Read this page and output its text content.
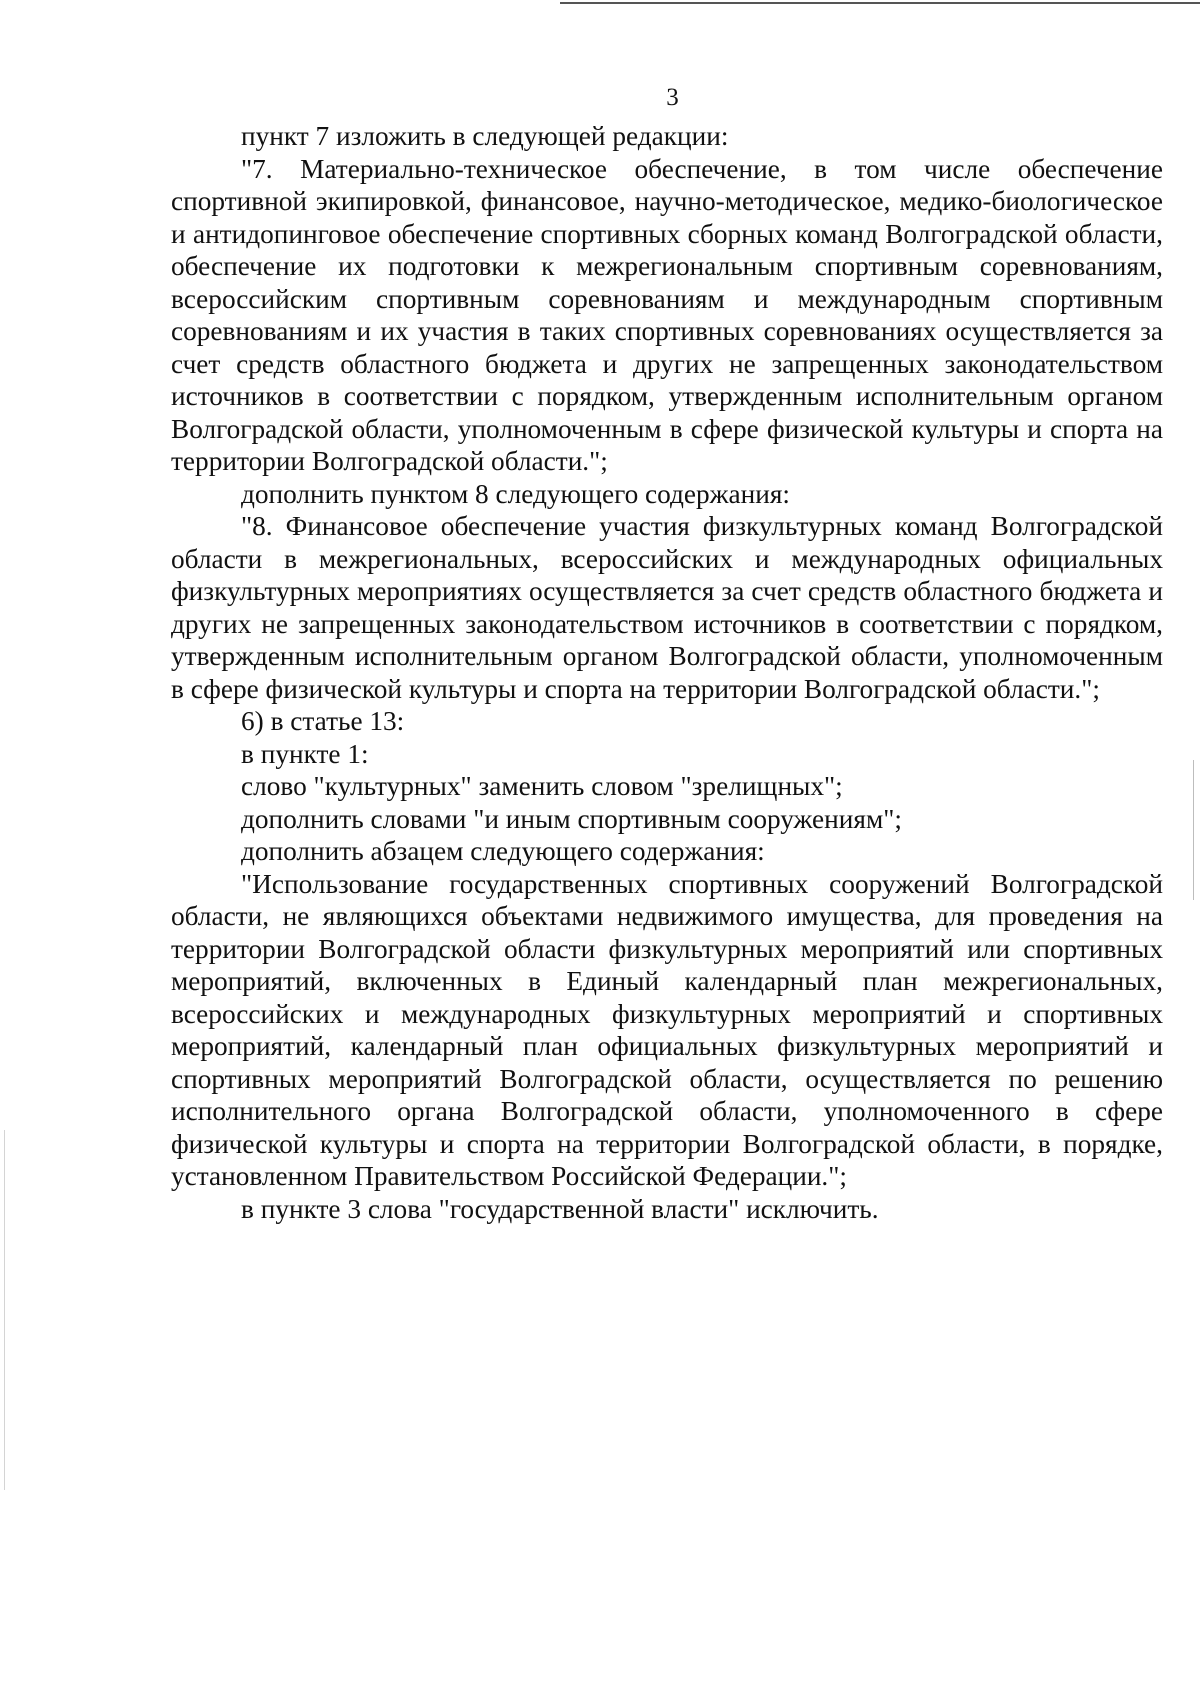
3

пункт 7 изложить в следующей редакции:

"7. Материально-техническое обеспечение, в том числе обеспечение спортивной экипировкой, финансовое, научно-методическое, медико-биологическое и антидопинговое обеспечение спортивных сборных команд Волгоградской области, обеспечение их подготовки к межрегиональным спортивным соревнованиям, всероссийским спортивным соревнованиям и международным спортивным соревнованиям и их участия в таких спортивных соревнованиях осуществляется за счет средств областного бюджета и других не запрещенных законодательством источников в соответствии с порядком, утвержденным исполнительным органом Волгоградской области, уполномоченным в сфере физической культуры и спорта на территории Волгоградской области.";

дополнить пунктом 8 следующего содержания:

"8. Финансовое обеспечение участия физкультурных команд Волгоградской области в межрегиональных, всероссийских и международных официальных физкультурных мероприятиях осуществляется за счет средств областного бюджета и других не запрещенных законодательством источников в соответствии с порядком, утвержденным исполнительным органом Волгоградской области, уполномоченным в сфере физической культуры и спорта на территории Волгоградской области.";

6) в статье 13:

в пункте 1:

слово "культурных" заменить словом "зрелищных";

дополнить словами "и иным спортивным сооружениям";

дополнить абзацем следующего содержания:

"Использование государственных спортивных сооружений Волгоградской области, не являющихся объектами недвижимого имущества, для проведения на территории Волгоградской области физкультурных мероприятий или спортивных мероприятий, включенных в Единый календарный план межрегиональных, всероссийских и международных физкультурных мероприятий и спортивных мероприятий, календарный план официальных физкультурных мероприятий и спортивных мероприятий Волгоградской области, осуществляется по решению исполнительного органа Волгоградской области, уполномоченного в сфере физической культуры и спорта на территории Волгоградской области, в порядке, установленном Правительством Российской Федерации.";

в пункте 3 слова "государственной власти" исключить.
